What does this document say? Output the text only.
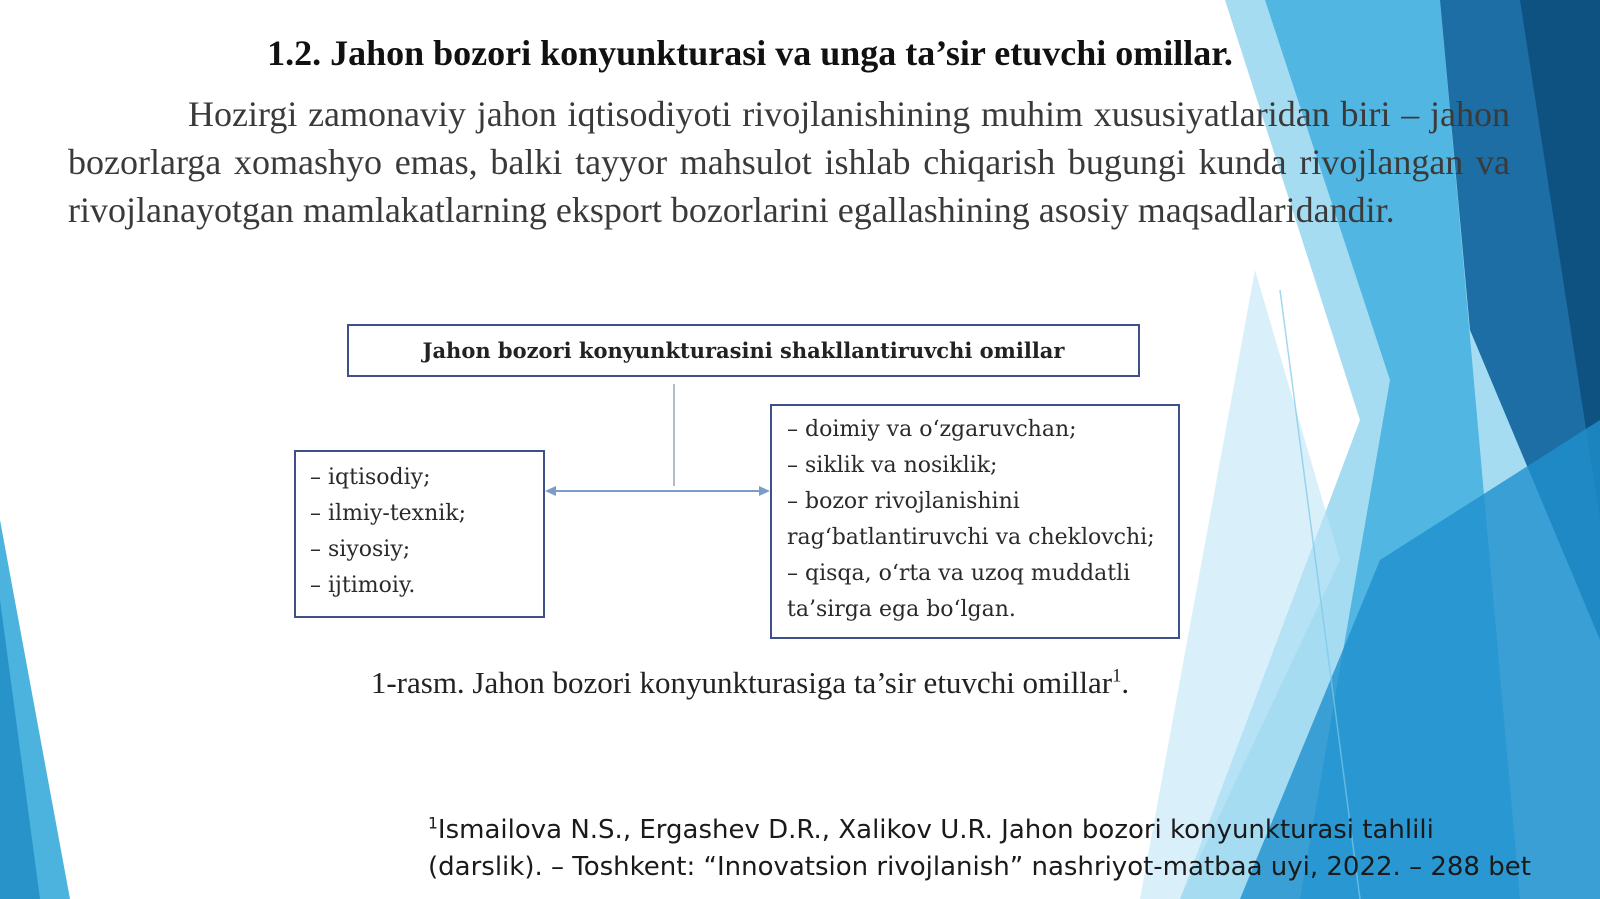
1.2. Jahon bozori konyunkturasi va unga ta’sir etuvchi omillar.
Hozirgi zamonaviy jahon iqtisodiyoti rivojlanishining muhim xususiyatlaridan biri – jahon bozorlarga xomashyo emas, balki tayyor mahsulot ishlab chiqarish bugungi kunda rivojlangan va rivojlanayotgan mamlakatlarning eksport bozorlarini egallashining asosiy maqsadlaridandir.
Jahon bozori konyunkturasini shakllantiruvchi omillar
– iqtisodiy;
– ilmiy-texnik;
– siyosiy;
– ijtimoiy.
– doimiy va o‘zgaruvchan;
– siklik va nosiklik;
– bozor rivojlanishini
rag‘batlantiruvchi va cheklovchi;
– qisqa, o‘rta va uzoq muddatli
ta’sirga ega bo‘lgan.
1-rasm. Jahon bozori konyunkturasiga ta’sir etuvchi omillar$^1$.
$^1$Ismailova N.S., Ergashev D.R., Xalikov U.R. Jahon bozori konyunkturasi tahlili
(darslik). – Toshkent: “Innovatsion rivojlanish” nashriyot-matbaa uyi, 2022. – 288 bet
